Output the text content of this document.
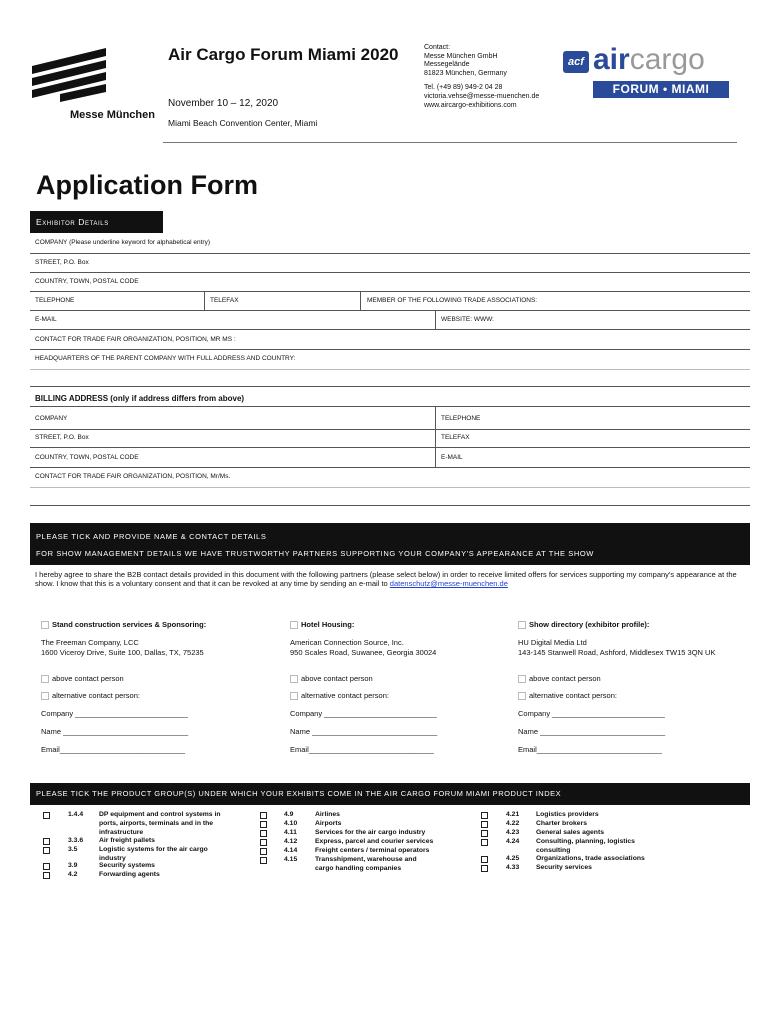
Messe München
Air Cargo Forum Miami 2020
November 10 – 12, 2020
Miami Beach Convention Center, Miami
Contact:
Messe München GmbH
Messegelände
81823 München, Germany
Tel. (+49 89) 949-2 04 28
victoria.vehse@messe-muenchen.de
www.aircargo-exhibitions.com
acf aircargo
FORUM • MIAMI
Application Form
Exhibitor Details
COMPANY (Please underline keyword for alphabetical entry)
STREET, P.O. Box
COUNTRY, TOWN, POSTAL CODE
TELEPHONE	TELEFAX	MEMBER OF THE FOLLOWING TRADE ASSOCIATIONS:
E-MAIL	WEBSITE: WWW:
CONTACT FOR TRADE FAIR ORGANIZATION, POSITION, MR MS :
HEADQUARTERS OF THE PARENT COMPANY WITH FULL ADDRESS AND COUNTRY:
BILLING ADDRESS (only if address differs from above)
COMPANY	TELEPHONE
STREET, P.O. Box	TELEFAX
COUNTRY, TOWN, POSTAL CODE	E-MAIL
CONTACT FOR TRADE FAIR ORGANIZATION, POSITION, Mr/Ms.
PLEASE TICK AND PROVIDE NAME & CONTACT DETAILS
FOR SHOW MANAGEMENT DETAILS WE HAVE TRUSTWORTHY PARTNERS SUPPORTING YOUR COMPANY'S APPEARANCE AT THE SHOW
I hereby agree to share the B2B contact details provided in this document with the following partners (please select below) in order to receive limited offers for services supporting my company's appearance at the show. I know that this is a voluntary consent and that it can be revoked at any time by sending an e-mail to datenschutz@messe-muenchen.de
Stand construction services & Sponsoring:
The Freeman Company, LCC
1600 Viceroy Drive, Suite 100, Dallas, TX, 75235
above contact person
alternative contact person:
Company ___________________________
Name ______________________________
Email______________________________
Hotel Housing:
American Connection Source, Inc.
950 Scales Road, Suwanee, Georgia 30024
above contact person
alternative contact person:
Company ___________________________
Name ______________________________
Email______________________________
Show directory (exhibitor profile):
HU Digital Media Ltd
143-145 Stanwell Road, Ashford, Middlesex TW15 3QN UK
above contact person
alternative contact person:
Company ___________________________
Name ______________________________
Email______________________________
PLEASE TICK THE PRODUCT GROUP(S) UNDER WHICH YOUR EXHIBITS COME IN THE AIR CARGO FORUM MIAMI PRODUCT INDEX
1.4.4 DP equipment and control systems in ports, airports, terminals and in the infrastructure
3.3.6 Air freight pallets
3.5	Logistic systems for the air cargo industry
3.9	Security systems
4.2	Forwarding agents
4.9	Airlines
4.10	Airports
4.11	Services for the air cargo industry
4.12	Express, parcel and courier services
4.14	Freight centers / terminal operators
4.15	Transshipment, warehouse and cargo handling companies
4.21 Logistics providers
4.22 Charter brokers
4.23 General sales agents
4.24 Consulting, planning, logistics consulting
4.25 Organizations, trade associations
4.33 Security services
